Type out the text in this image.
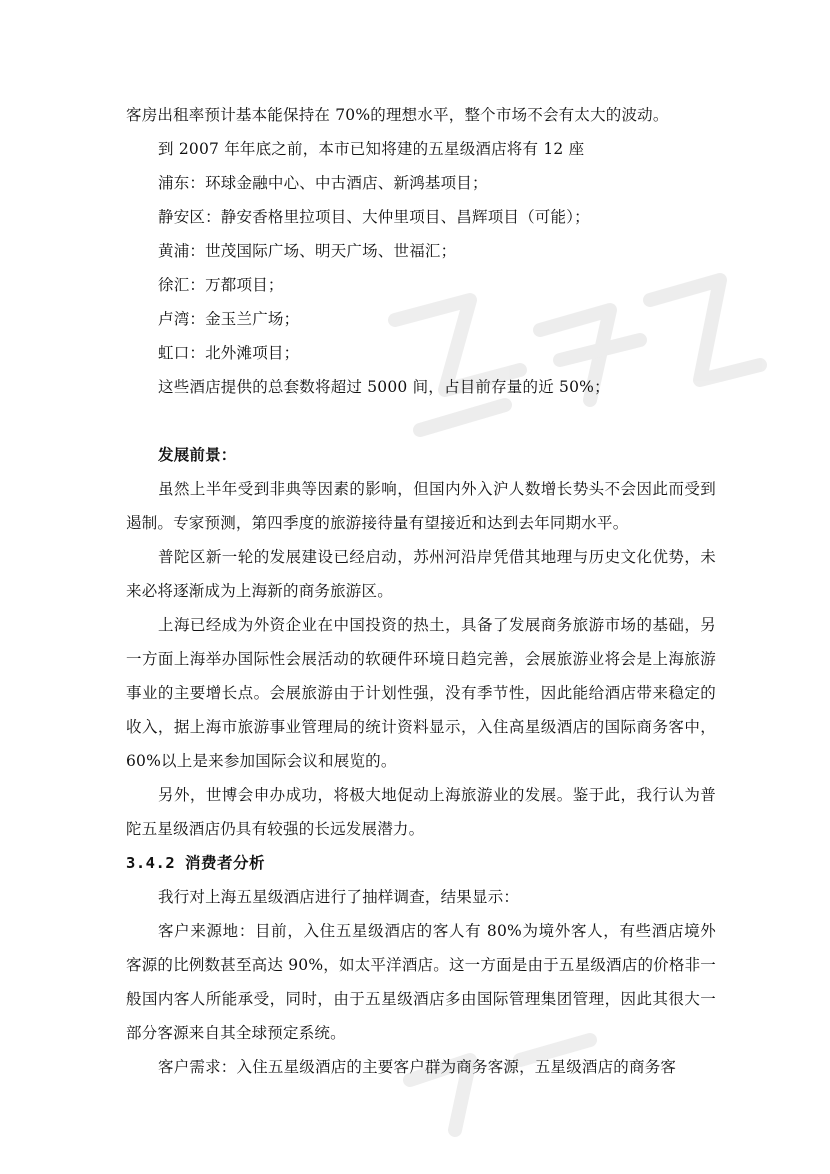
客房出租率预计基本能保持在 70%的理想水平，整个市场不会有太大的波动。

到 2007 年年底之前，本市已知将建的五星级酒店将有 12 座

浦东：环球金融中心、中古酒店、新鸿基项目；

静安区：静安香格里拉项目、大仲里项目、昌辉项目（可能）；

黄浦：世茂国际广场、明天广场、世福汇；

徐汇：万都项目；

卢湾：金玉兰广场；

虹口：北外滩项目；

这些酒店提供的总套数将超过 5000 间，占目前存量的近 50%；

发展前景：

虽然上半年受到非典等因素的影响，但国内外入沪人数增长势头不会因此而受到遏制。专家预测，第四季度的旅游接待量有望接近和达到去年同期水平。

普陀区新一轮的发展建设已经启动，苏州河沿岸凭借其地理与历史文化优势，未来必将逐渐成为上海新的商务旅游区。

上海已经成为外资企业在中国投资的热土，具备了发展商务旅游市场的基础，另一方面上海举办国际性会展活动的软硬件环境日趋完善，会展旅游业将会是上海旅游事业的主要增长点。会展旅游由于计划性强，没有季节性，因此能给酒店带来稳定的收入，据上海市旅游事业管理局的统计资料显示，入住高星级酒店的国际商务客中，60%以上是来参加国际会议和展览的。

另外，世博会申办成功，将极大地促动上海旅游业的发展。鉴于此，我行认为普陀五星级酒店仍具有较强的长远发展潜力。

3.4.2 消费者分析

我行对上海五星级酒店进行了抽样调查，结果显示：

客户来源地：目前，入住五星级酒店的客人有 80%为境外客人，有些酒店境外客源的比例数甚至高达 90%，如太平洋酒店。这一方面是由于五星级酒店的价格非一般国内客人所能承受，同时，由于五星级酒店多由国际管理集团管理，因此其很大一部分客源来自其全球预定系统。

客户需求：入住五星级酒店的主要客户群为商务客源，五星级酒店的商务客
